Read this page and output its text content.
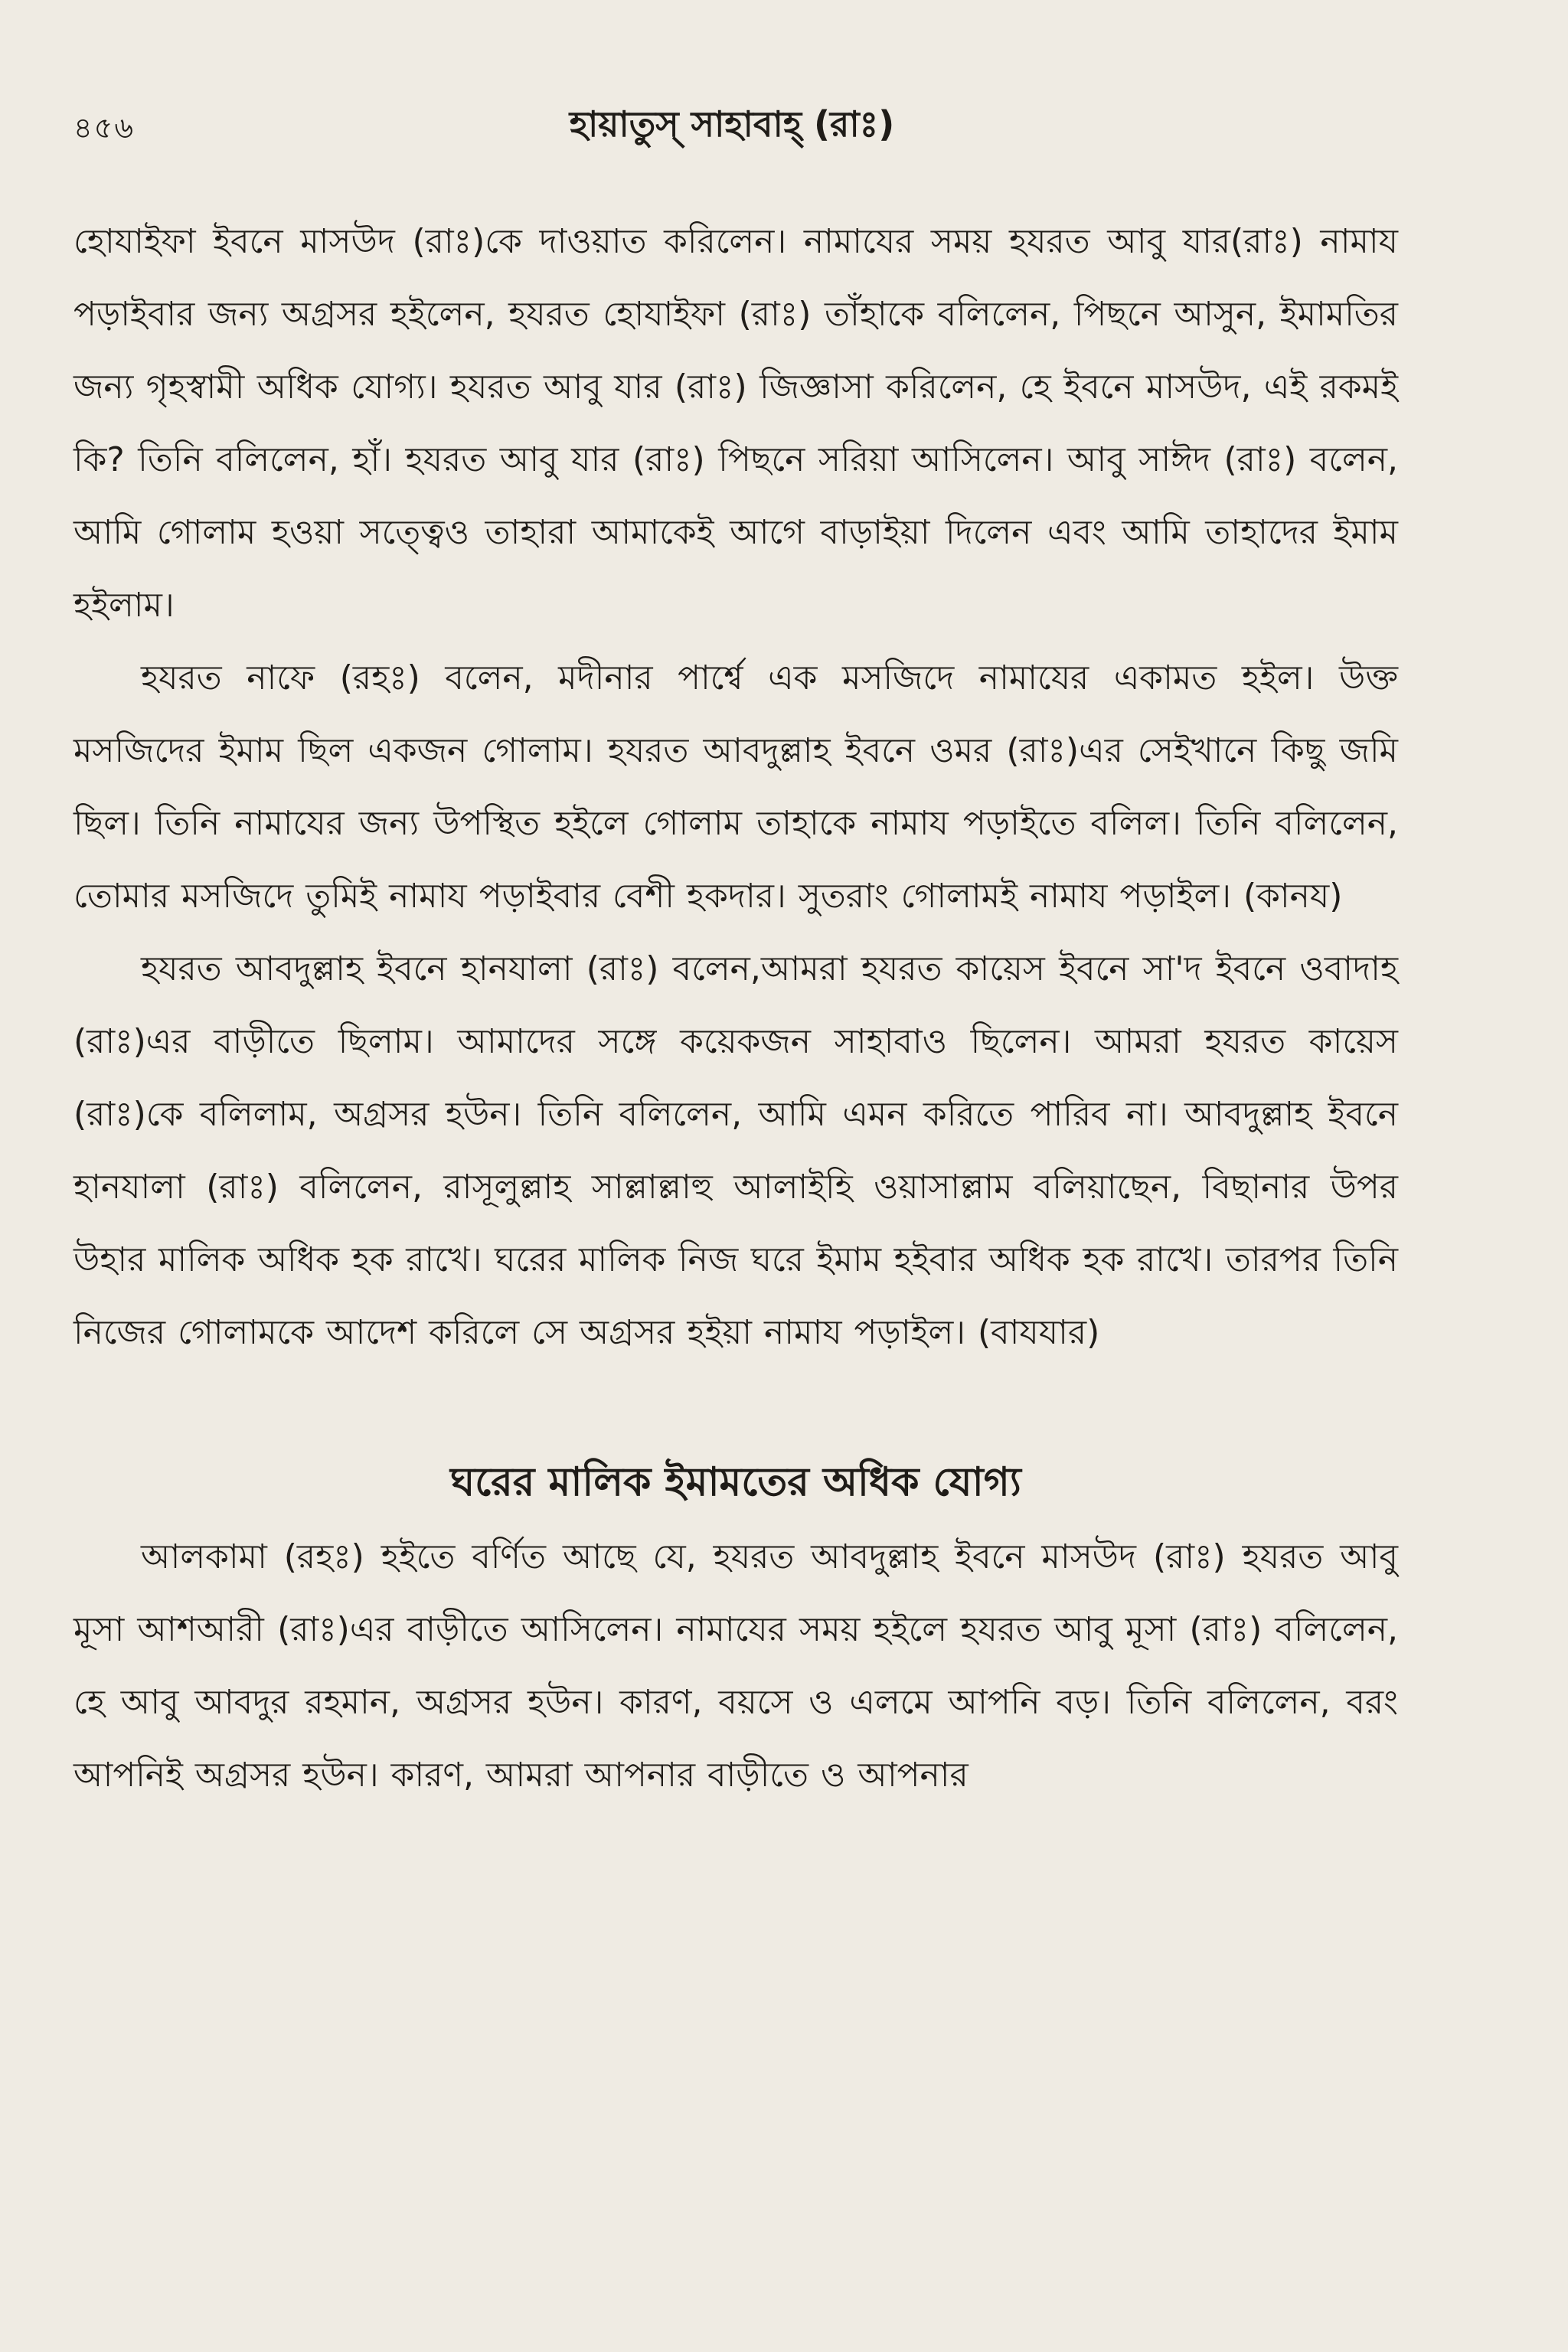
৪৫৬	হায়াতুস্ সাহাবাহ্ (রাঃ)

হোযাইফা ইবনে মাসউদ (রাঃ)কে দাওয়াত করিলেন। নামাযের সময় হযরত আবু যার(রাঃ) নামায পড়াইবার জন্য অগ্রসর হইলেন, হযরত হোযাইফা (রাঃ) তাঁহাকে বলিলেন, পিছনে আসুন, ইমামতির জন্য গৃহস্বামী অধিক যোগ্য। হযরত আবু যার (রাঃ) জিজ্ঞাসা করিলেন, হে ইবনে মাসউদ, এই রকমই কি? তিনি বলিলেন, হাঁ। হযরত আবু যার (রাঃ) পিছনে সরিয়া আসিলেন। আবু সাঈদ (রাঃ) বলেন, আমি গোলাম হওয়া সত্ত্বেও তাহারা আমাকেই আগে বাড়াইয়া দিলেন এবং আমি তাহাদের ইমাম হইলাম।

হযরত নাফে (রহঃ) বলেন, মদীনার পার্শ্বে এক মসজিদে নামাযের একামত হইল। উক্ত মসজিদের ইমাম ছিল একজন গোলাম। হযরত আবদুল্লাহ ইবনে ওমর (রাঃ)এর সেইখানে কিছু জমি ছিল। তিনি নামাযের জন্য উপস্থিত হইলে গোলাম তাহাকে নামায পড়াইতে বলিল। তিনি বলিলেন, তোমার মসজিদে তুমিই নামায পড়াইবার বেশী হকদার। সুতরাং গোলামই নামায পড়াইল। (কানয)

হযরত আবদুল্লাহ ইবনে হানযালা (রাঃ) বলেন,আমরা হযরত কায়েস ইবনে সা'দ ইবনে ওবাদাহ (রাঃ)এর বাড়ীতে ছিলাম। আমাদের সঙ্গে কয়েকজন সাহাবাও ছিলেন। আমরা হযরত কায়েস (রাঃ)কে বলিলাম, অগ্রসর হউন। তিনি বলিলেন, আমি এমন করিতে পারিব না। আবদুল্লাহ ইবনে হানযালা (রাঃ) বলিলেন, রাসূলুল্লাহ সাল্লাল্লাহু আলাইহি ওয়াসাল্লাম বলিয়াছেন, বিছানার উপর উহার মালিক অধিক হক রাখে। ঘরের মালিক নিজ ঘরে ইমাম হইবার অধিক হক রাখে। তারপর তিনি নিজের গোলামকে আদেশ করিলে সে অগ্রসর হইয়া নামায পড়াইল। (বাযযার)

ঘরের মালিক ইমামতের অধিক যোগ্য

আলকামা (রহঃ) হইতে বর্ণিত আছে যে, হযরত আবদুল্লাহ ইবনে মাসউদ (রাঃ) হযরত আবু মূসা আশআরী (রাঃ)এর বাড়ীতে আসিলেন। নামাযের সময় হইলে হযরত আবু মূসা (রাঃ) বলিলেন, হে আবু আবদুর রহমান, অগ্রসর হউন। কারণ, বয়সে ও এলমে আপনি বড়। তিনি বলিলেন, বরং আপনিই অগ্রসর হউন। কারণ, আমরা আপনার বাড়ীতে ও আপনার
